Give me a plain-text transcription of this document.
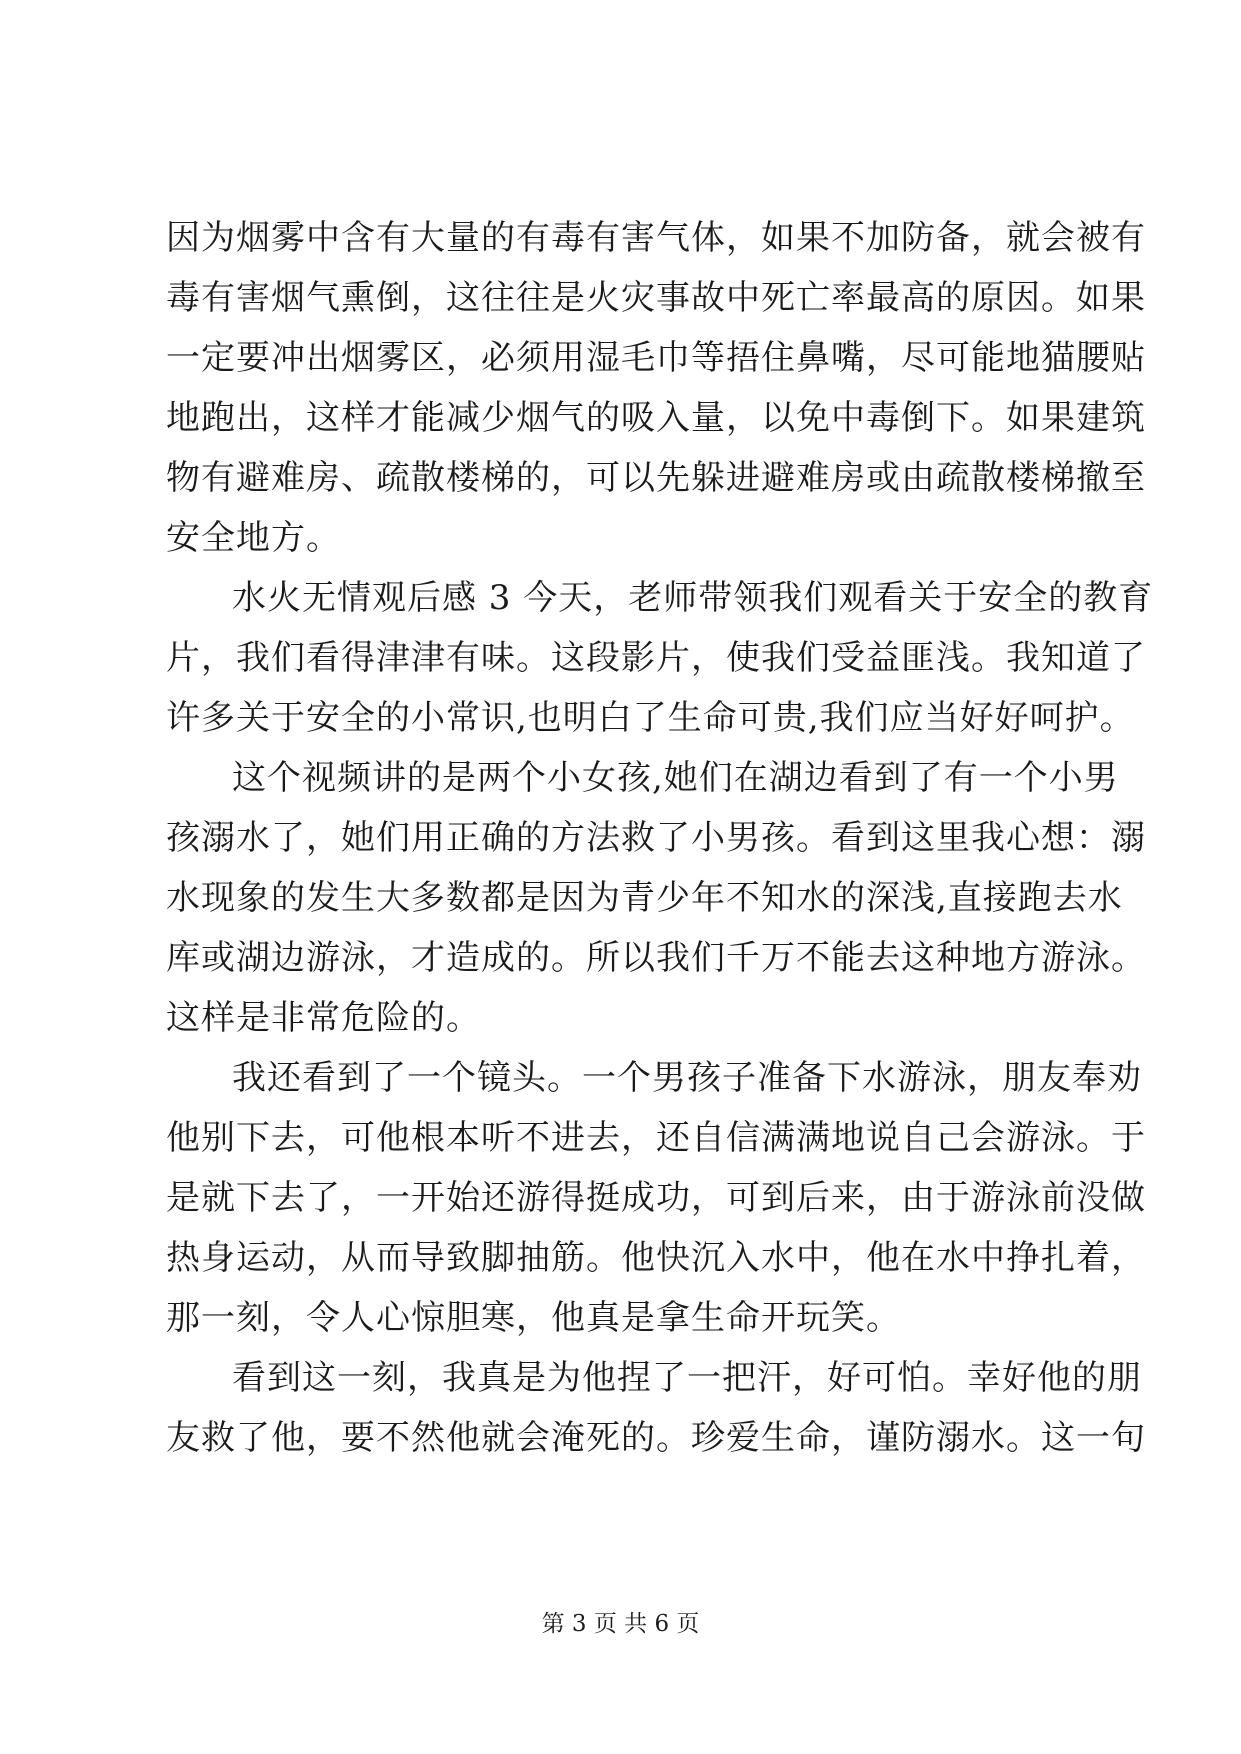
因为烟雾中含有大量的有毒有害气体，如果不加防备，就会被有
毒有害烟气熏倒，这往往是火灾事故中死亡率最高的原因。如果
一定要冲出烟雾区，必须用湿毛巾等捂住鼻嘴，尽可能地猫腰贴
地跑出，这样才能减少烟气的吸入量，以免中毒倒下。如果建筑
物有避难房、疏散楼梯的，可以先躲进避难房或由疏散楼梯撤至
安全地方。
水火无情观后感 3 今天，老师带领我们观看关于安全的教育
片，我们看得津津有味。这段影片，使我们受益匪浅。我知道了
许多关于安全的小常识,也明白了生命可贵,我们应当好好呵护。
这个视频讲的是两个小女孩,她们在湖边看到了有一个小男
孩溺水了，她们用正确的方法救了小男孩。看到这里我心想：溺
水现象的发生大多数都是因为青少年不知水的深浅,直接跑去水
库或湖边游泳，才造成的。所以我们千万不能去这种地方游泳。
这样是非常危险的。
我还看到了一个镜头。一个男孩子准备下水游泳，朋友奉劝
他别下去，可他根本听不进去，还自信满满地说自己会游泳。于
是就下去了，一开始还游得挺成功，可到后来，由于游泳前没做
热身运动，从而导致脚抽筋。他快沉入水中，他在水中挣扎着，
那一刻，令人心惊胆寒，他真是拿生命开玩笑。
看到这一刻，我真是为他捏了一把汗，好可怕。幸好他的朋
友救了他，要不然他就会淹死的。珍爱生命，谨防溺水。这一句
第 3 页 共 6 页
